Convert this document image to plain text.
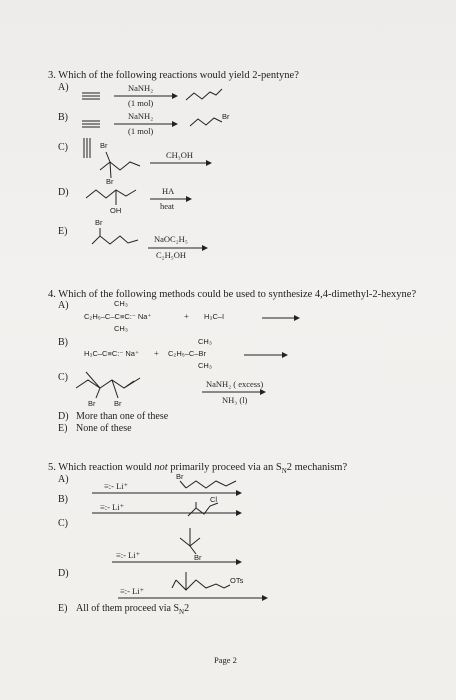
3. Which of the following reactions would yield 2-pentyne?
A)	NaNH₂
(1 mol)
B)	NaNH₂
(1 mol)
Br
C)	Br
Br
CH₃OH
D)	HA
heat
OH
E)
Br
NaOC₂H₅
C₂H₅OH
4. Which of the following methods could be used to synthesize 4,4-dimethyl-2-hexyne?
A)	CH₃
C₂H₅–C–C≡C:⁻ Na⁺
CH₃
+ H₃C–I
B)
H₃C–C≡C:⁻ Na⁺ +
CH₃
C₂H₅–C–Br
CH₃
C)
NaNH₂ ( excess)
NH₃ (l)
Br Br
D) More than one of these
E) None of these
5. Which reaction would not primarily proceed via an $S_N2$ mechanism?
A)
≡:- Li⁺
Br
B)
≡:- Li⁺
Cl
C)
≡:- Li⁺	Br
D)
≡:- Li⁺
OTs
E) All of them proceed via $S_N2$
Page 2
